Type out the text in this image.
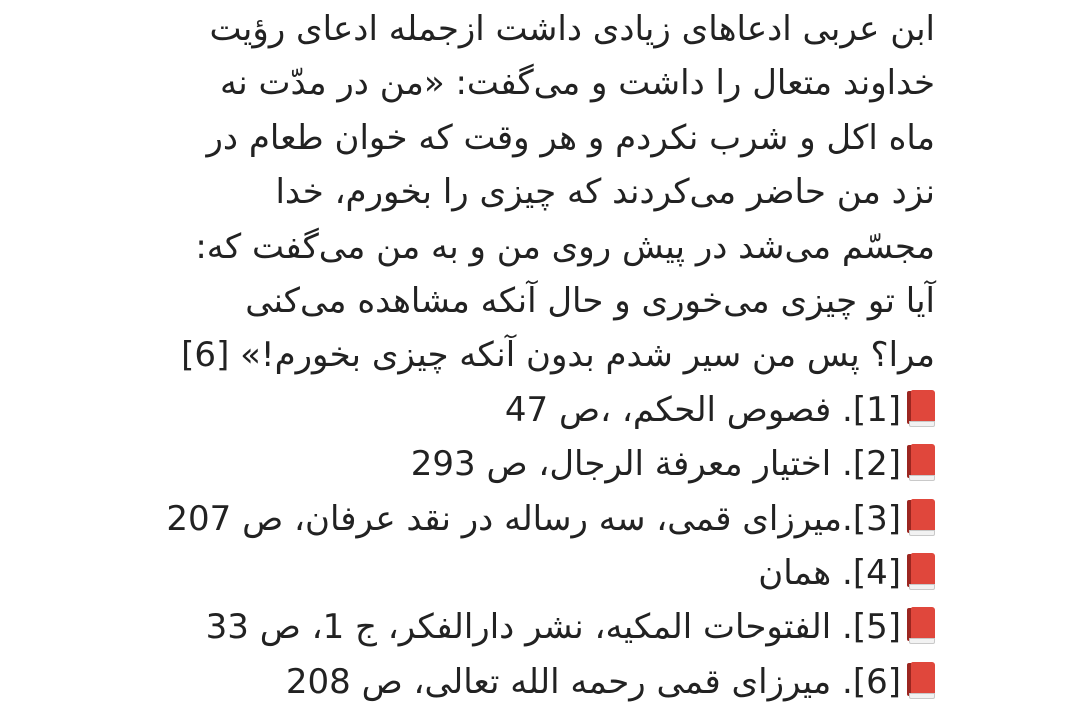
ابن عربی ادعاهای زیادی داشت ازجمله ادعای رؤیت خداوند متعال را داشت و می‌گفت: «من در مدّت نه ماه اکل و شرب نکردم و هر وقت که خوان طعام در نزد من حاضر می‌کردند که چیزی را بخورم، خدا مجسّم می‌شد در پیش روی من و به من می‌گفت که: آیا تو چیزی می‌خوری و حال آنکه مشاهده می‌کنی مرا؟ پس من سیر شدم بدون آنکه چیزی بخورم!» [6]

[1]. فصوص الحکم، ،ص 47
[2]. اختیار معرفة الرجال، ص 293
[3].میرزای قمی، سه رساله در نقد عرفان، ص 207
[4]. همان
[5]. الفتوحات المکیه، نشر دارالفکر، ج 1، ص 33
[6]. میرزای قمی رحمه الله تعالی، ص 208
